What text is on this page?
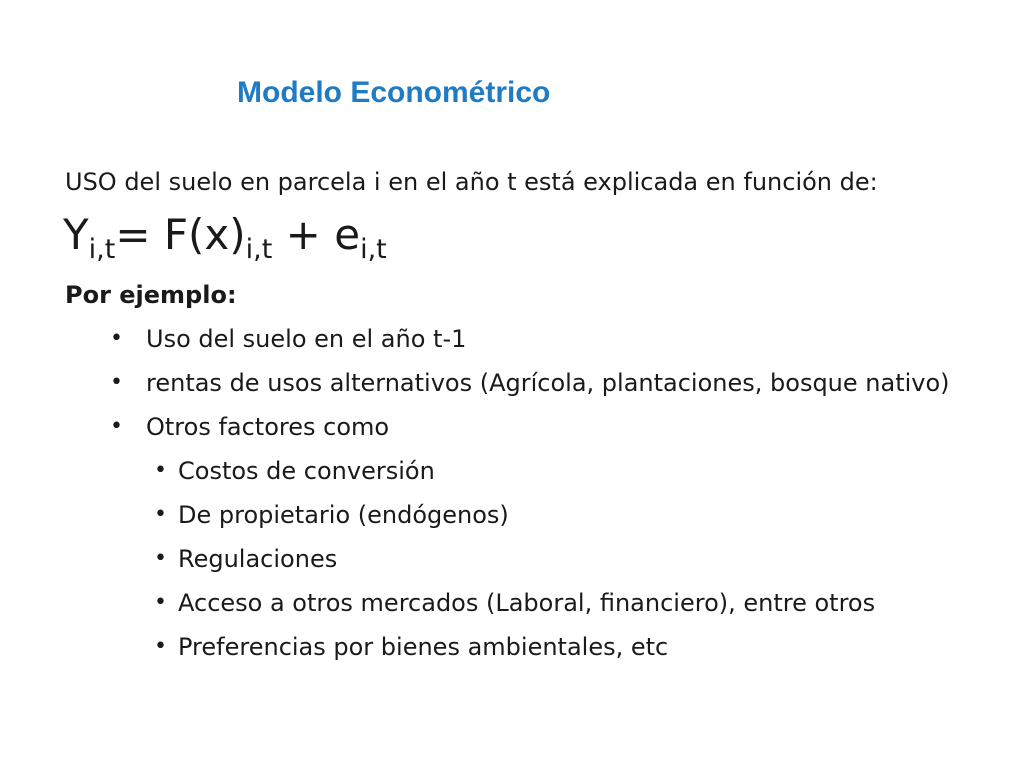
Modelo Econométrico
USO del suelo en parcela i en el año t está explicada en función de:
$Y_{i,t}= F(x)_{i,t} + e_{i,t}$
Por ejemplo:
• Uso del suelo en el año t-1
• rentas de usos alternativos (Agrícola, plantaciones, bosque nativo)
• Otros factores como
• Costos de conversión
• De propietario (endógenos)
• Regulaciones
• Acceso a otros mercados (Laboral, financiero), entre otros
• Preferencias por bienes ambientales, etc
